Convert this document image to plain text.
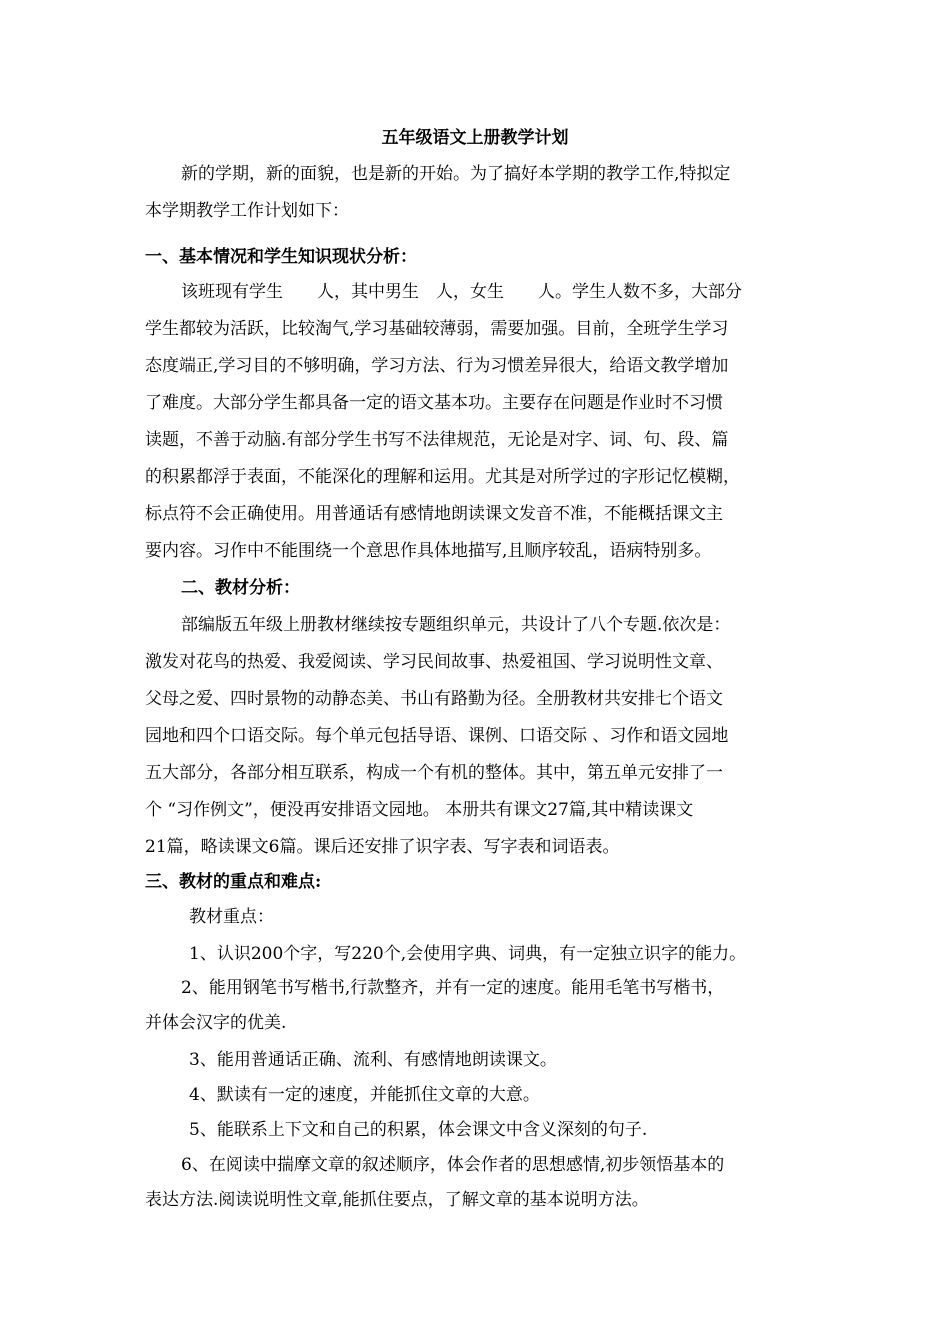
五年级语文上册教学计划

新的学期，新的面貌，也是新的开始。为了搞好本学期的教学工作,特拟定

本学期教学工作计划如下：

一、基本情况和学生知识现状分析：

该班现有学生　　人，其中男生　人，女生　　人。学生人数不多，大部分

学生都较为活跃，比较淘气,学习基础较薄弱，需要加强。目前，全班学生学习

态度端正,学习目的不够明确，学习方法、行为习惯差异很大，给语文教学增加

了难度。大部分学生都具备一定的语文基本功。主要存在问题是作业时不习惯

读题，不善于动脑.有部分学生书写不法律规范，无论是对字、词、句、段、篇

的积累都浮于表面，不能深化的理解和运用。尤其是对所学过的字形记忆模糊，

标点符不会正确使用。用普通话有感情地朗读课文发音不准，不能概括课文主

要内容。习作中不能围绕一个意思作具体地描写,且顺序较乱，语病特别多。

二、教材分析：

部编版五年级上册教材继续按专题组织单元，共设计了八个专题.依次是：

激发对花鸟的热爱、我爱阅读、学习民间故事、热爱祖国、学习说明性文章、

父母之爱、四时景物的动静态美、书山有路勤为径。全册教材共安排七个语文

园地和四个口语交际。每个单元包括导语、课例、口语交际 、习作和语文园地

五大部分，各部分相互联系，构成一个有机的整体。其中，第五单元安排了一

个 “习作例文”，便没再安排语文园地。 本册共有课文27篇,其中精读课文

21篇，略读课文6篇。课后还安排了识字表、写字表和词语表。

三、教材的重点和难点:

教材重点：

1、认识200个字，写220个,会使用字典、词典，有一定独立识字的能力。

2、能用钢笔书写楷书,行款整齐，并有一定的速度。能用毛笔书写楷书，

并体会汉字的优美.

3、能用普通话正确、流利、有感情地朗读课文。

4、默读有一定的速度，并能抓住文章的大意。

5、能联系上下文和自己的积累，体会课文中含义深刻的句子.

6、在阅读中揣摩文章的叙述顺序，体会作者的思想感情,初步领悟基本的

表达方法.阅读说明性文章,能抓住要点，了解文章的基本说明方法。
